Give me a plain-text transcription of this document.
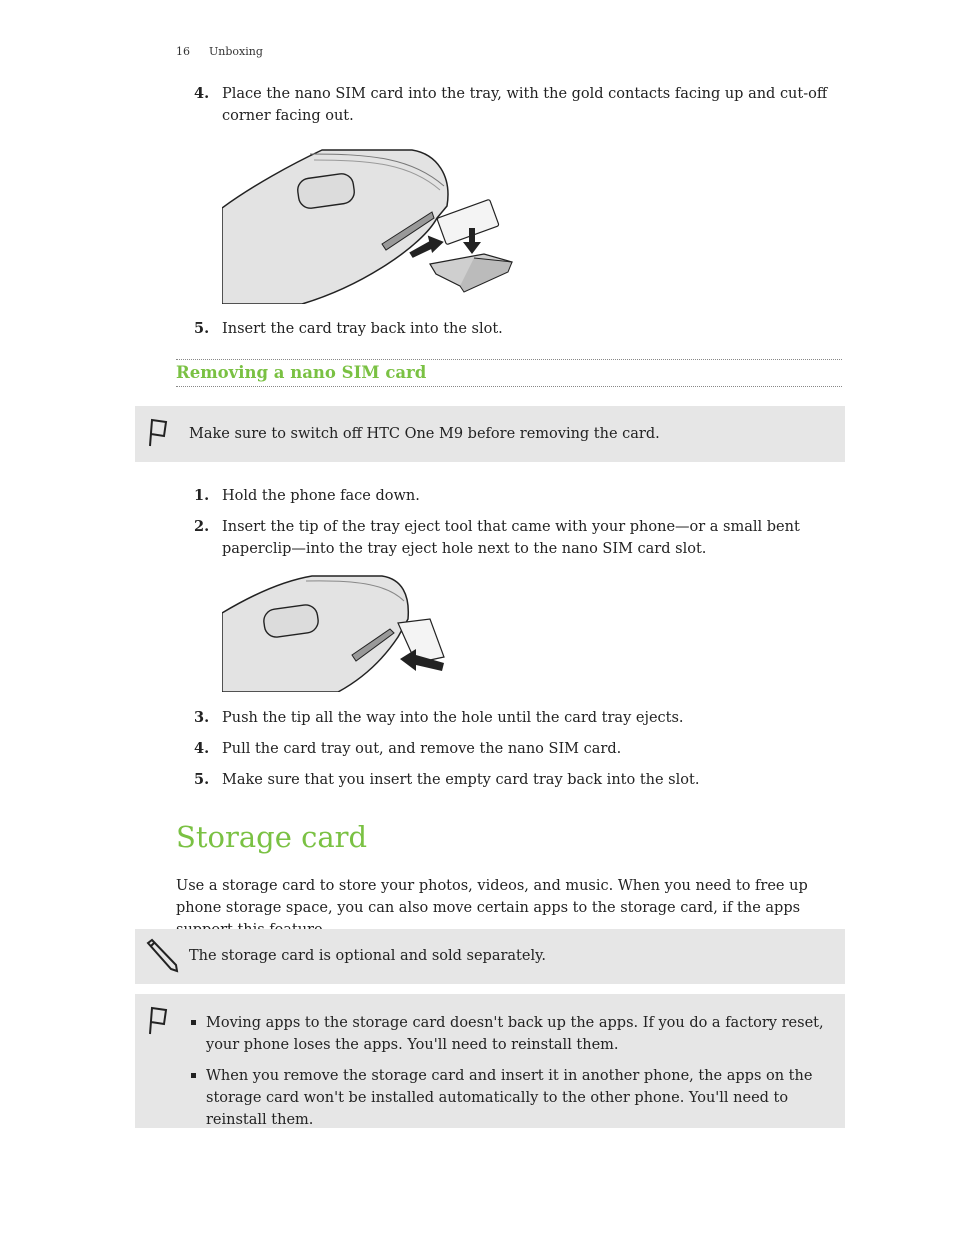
16 Unboxing
4. Place the nano SIM card into the tray, with the gold contacts facing up and cut-off corner facing out.
5. Insert the card tray back into the slot.
Removing a nano SIM card
Make sure to switch off HTC One M9 before removing the card.
1. Hold the phone face down.
2. Insert the tip of the tray eject tool that came with your phone—or a small bent paperclip—into the tray eject hole next to the nano SIM card slot.
3. Push the tip all the way into the hole until the card tray ejects.
4. Pull the card tray out, and remove the nano SIM card.
5. Make sure that you insert the empty card tray back into the slot.
Storage card
Use a storage card to store your photos, videos, and music. When you need to free up phone storage space, you can also move certain apps to the storage card, if the apps
The storage card is optional and sold separately.
Moving apps to the storage card doesn't back up the apps. If you do a factory reset, your phone loses the apps. You'll need to reinstall them.
When you remove the storage card and insert it in another phone, the apps on the storage card won't be installed automatically to the other phone. You'll need to reinstall them.
